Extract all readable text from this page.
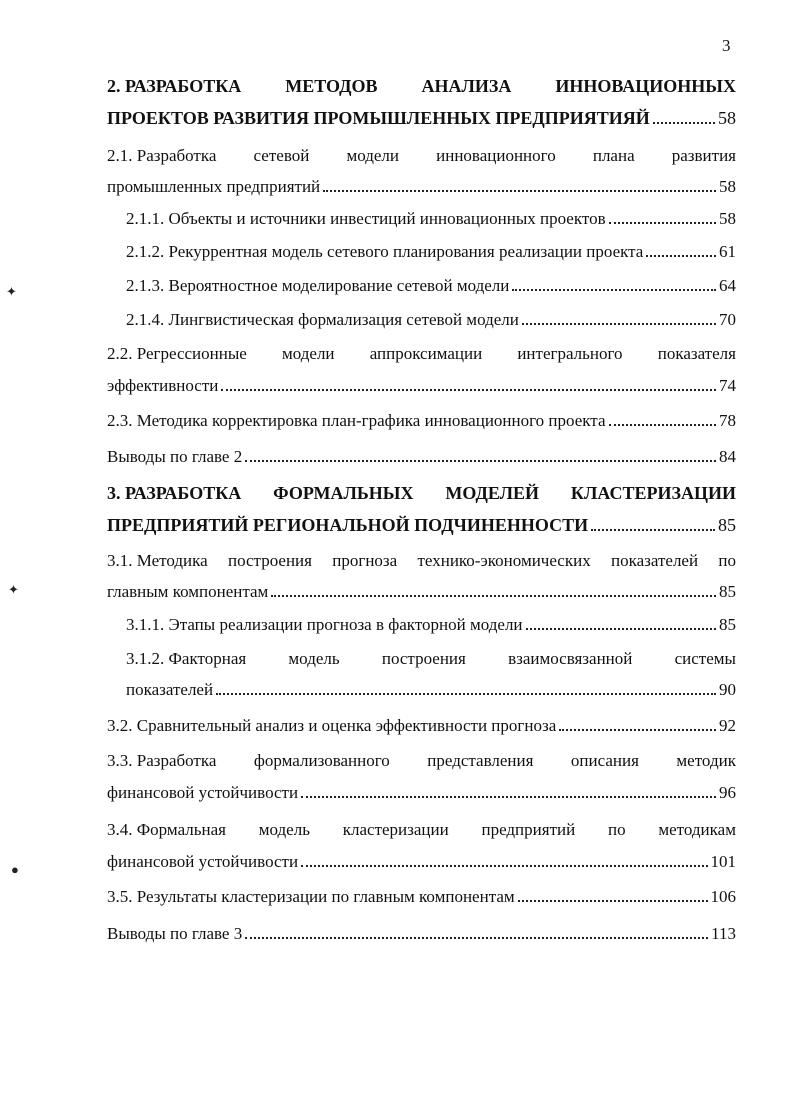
3
2. РАЗРАБОТКА МЕТОДОВ АНАЛИЗА ИННОВАЦИОННЫХ
ПРОЕКТОВ РАЗВИТИЯ ПРОМЫШЛЕННЫХ ПРЕДПРИЯТИЯЙ	58
2.1. Разработка сетевой модели инновационного плана развития
промышленных предприятий	58
2.1.1. Объекты и источники инвестиций инновационных проектов	58
2.1.2. Рекуррентная модель сетевого планирования реализации проекта	61
2.1.3. Вероятностное моделирование сетевой модели	64
2.1.4. Лингвистическая формализация сетевой модели	70
2.2. Регрессионные модели аппроксимации интегрального показателя
эффективности	74
2.3. Методика корректировка план-графика инновационного проекта	78
Выводы по главе 2	84
3. РАЗРАБОТКА ФОРМАЛЬНЫХ МОДЕЛЕЙ КЛАСТЕРИЗАЦИИ
ПРЕДПРИЯТИЙ РЕГИОНАЛЬНОЙ ПОДЧИНЕННОСТИ	85
3.1. Методика построения прогноза технико-экономических показателей по
главным компонентам	85
3.1.1. Этапы реализации прогноза в факторной модели	85
3.1.2. Факторная модель построения взаимосвязанной системы
показателей	90
3.2. Сравнительный анализ и оценка эффективности прогноза	92
3.3. Разработка формализованного представления описания методик
финансовой устойчивости	96
3.4. Формальная модель кластеризации предприятий по методикам
финансовой устойчивости	101
3.5. Результаты кластеризации по главным компонентам	106
Выводы по главе 3	113
✦
✦
●
